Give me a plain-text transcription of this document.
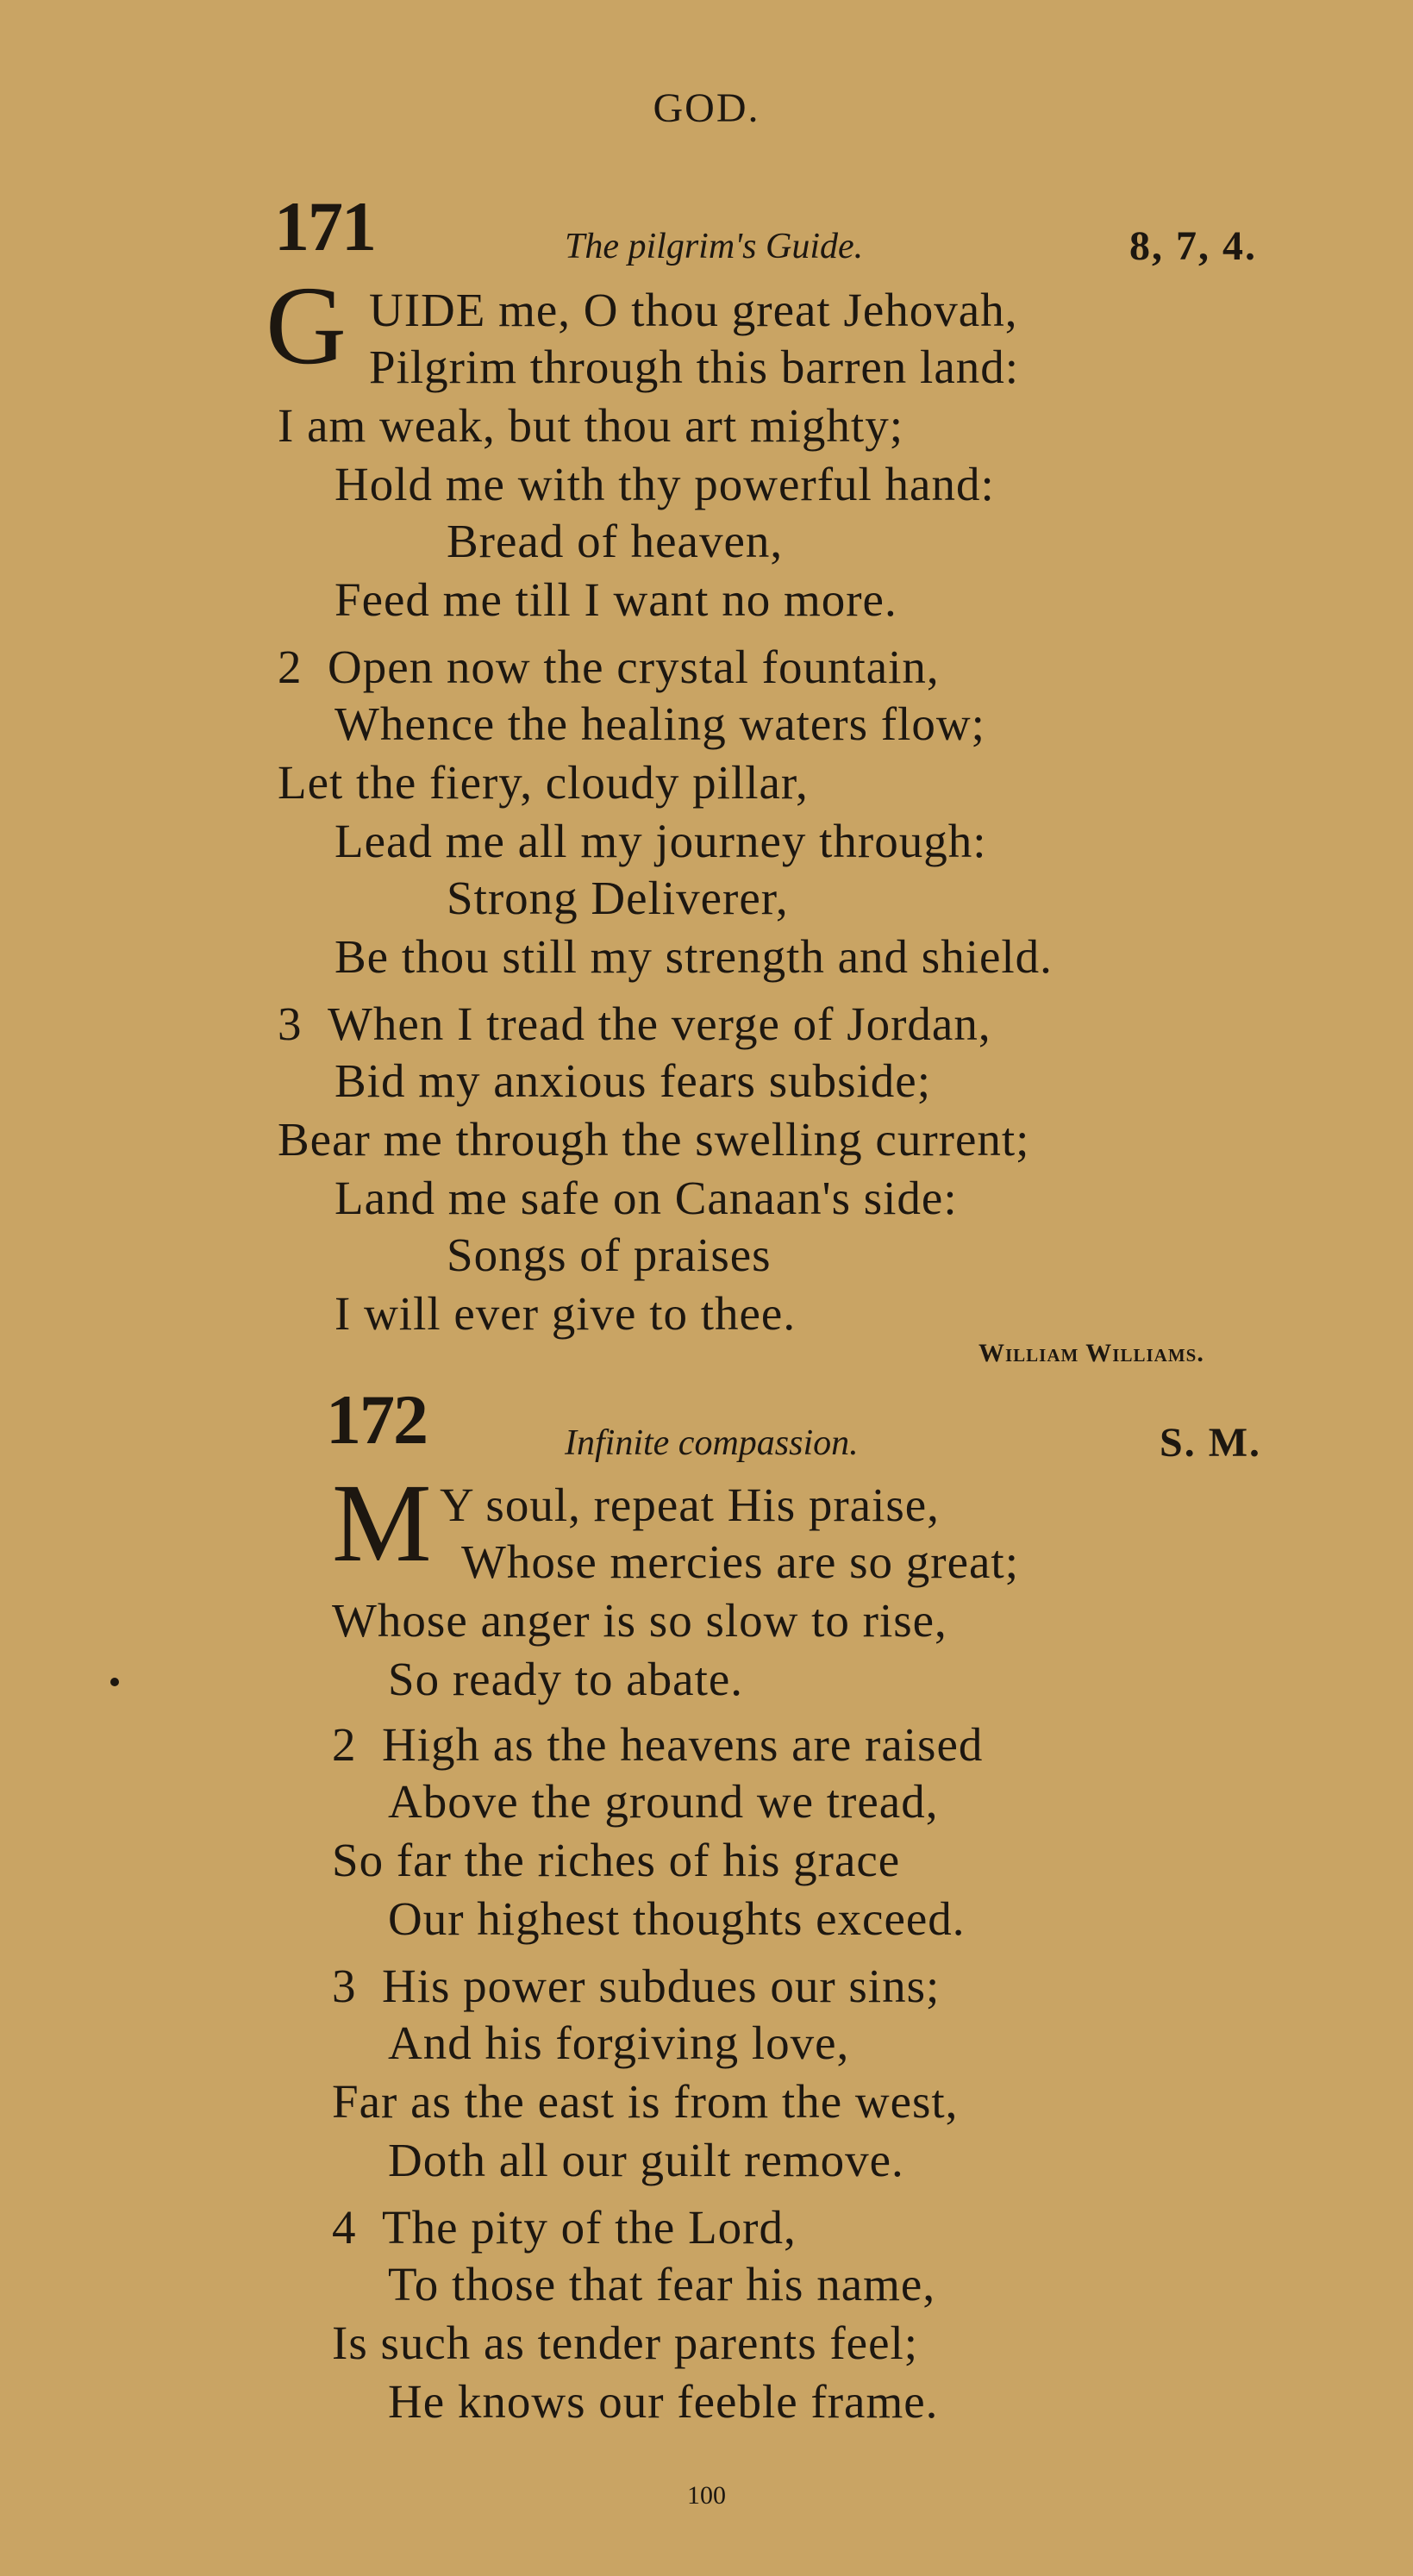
GOD.
171	The pilgrim's Guide.	8, 7, 4.
G UIDE me, O thou great Jehovah,
Pilgrim through this barren land:
I am weak, but thou art mighty;
Hold me with thy powerful hand:
Bread of heaven,
Feed me till I want no more.
2 Open now the crystal fountain,
Whence the healing waters flow;
Let the fiery, cloudy pillar,
Lead me all my journey through:
Strong Deliverer,
Be thou still my strength and shield.
3 When I tread the verge of Jordan,
Bid my anxious fears subside;
Bear me through the swelling current;
Land me safe on Canaan's side:
Songs of praises
I will ever give to thee.
William Williams.
172	Infinite compassion.	S. M.
M Y soul, repeat His praise,
Whose mercies are so great;
Whose anger is so slow to rise,
So ready to abate.
2 High as the heavens are raised
Above the ground we tread,
So far the riches of his grace
Our highest thoughts exceed.
3 His power subdues our sins;
And his forgiving love,
Far as the east is from the west,
Doth all our guilt remove.
4 The pity of the Lord,
To those that fear his name,
Is such as tender parents feel;
He knows our feeble frame.
100
